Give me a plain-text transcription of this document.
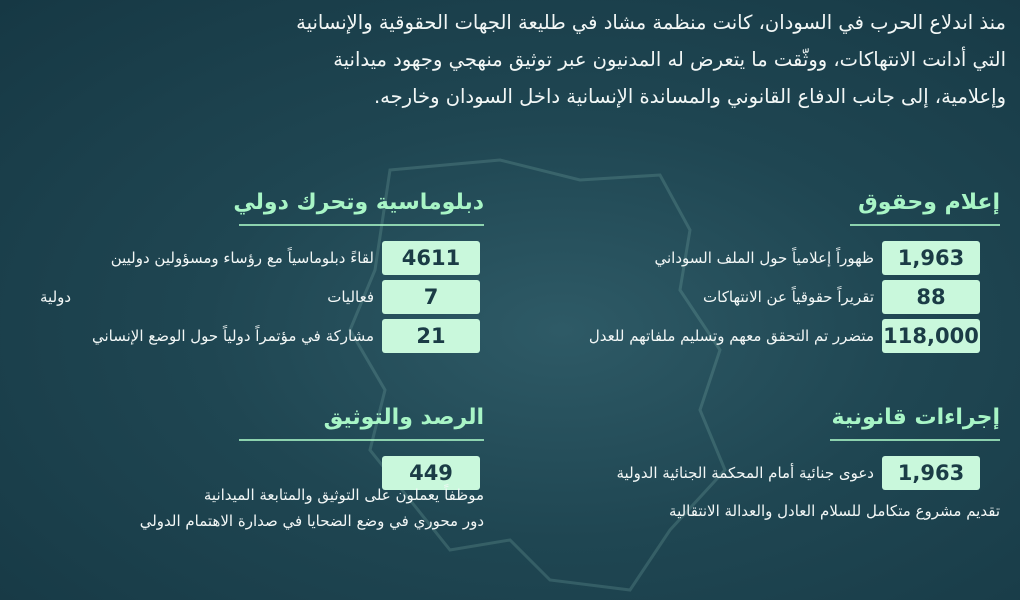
منذ اندلاع الحرب في السودان، كانت منظمة مشاد في طليعة الجهات الحقوقية والإنسانية

التي أدانت الانتهاكات، ووثّقت ما يتعرض له المدنيون عبر توثيق منهجي وجهود ميدانية

وإعلامية، إلى جانب الدفاع القانوني والمساندة الإنسانية داخل السودان وخارجه.

إعلام وحقوق
1,963
ظهوراً إعلامياً حول الملف السوداني
88
تقريراً حقوقياً عن الانتهاكات
118,000
متضرر تم التحقق معهم وتسليم ملفاتهم للعدل
دبلوماسية وتحرك دولي
4611
لقاءً دبلوماسياً مع رؤساء ومسؤولين دوليين
7
فعاليات دولية
21
مشاركة في مؤتمراً دولياً حول الوضع الإنساني
إجراءات قانونية
1,963
دعوى جنائية أمام المحكمة الجنائية الدولية
تقديم مشروع متكامل للسلام العادل والعدالة الانتقالية
الرصد والتوثيق
449
موظفاً يعملون على التوثيق والمتابعة الميدانية
دور محوري في وضع الضحايا في صدارة الاهتمام الدولي
